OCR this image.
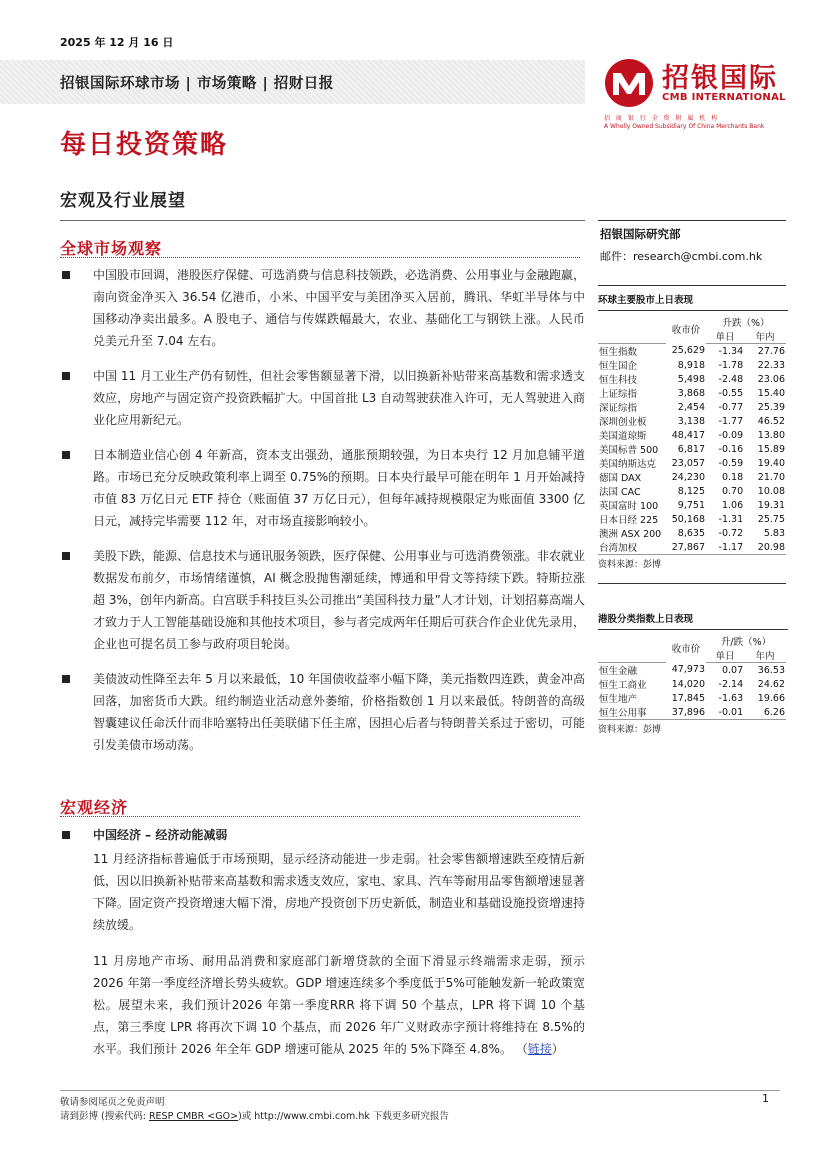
2025 年 12 月 16 日
招银国际环球市场 | 市场策略 | 招财日报	招银国际
CMB INTERNATIONAL
招 商 银 行 全 资 附 属 机 构
A Wholly Owned Subsidiary Of China Merchants Bank
每日投资策略
宏观及行业展望
全球市场观察
中国股市回调，港股医疗保健、可选消费与信息科技领跌，必选消费、公用事业与金融跑赢，南向资金净买入 36.54 亿港币，小米、中国平安与美团净买入居前，腾讯、华虹半导体与中国移动净卖出最多。A 股电子、通信与传媒跌幅最大，农业、基础化工与钢铁上涨。人民币兑美元升至 7.04 左右。
中国 11 月工业生产仍有韧性，但社会零售额显著下滑，以旧换新补贴带来高基数和需求透支效应，房地产与固定资产投资跌幅扩大。中国首批 L3 自动驾驶获准入许可，无人驾驶进入商业化应用新纪元。
日本制造业信心创 4 年新高，资本支出强劲，通胀预期较强，为日本央行 12 月加息铺平道路。市场已充分反映政策利率上调至 0.75%的预期。日本央行最早可能在明年 1 月开始减持市值 83 万亿日元 ETF 持仓（账面值 37 万亿日元），但每年减持规模限定为账面值 3300 亿日元，减持完毕需要 112 年，对市场直接影响较小。
美股下跌，能源、信息技术与通讯服务领跌，医疗保健、公用事业与可选消费领涨。非农就业数据发布前夕，市场情绪谨慎，AI 概念股抛售潮延续，博通和甲骨文等持续下跌。特斯拉涨超 3%，创年内新高。白宫联手科技巨头公司推出“美国科技力量”人才计划，计划招募高端人才致力于人工智能基础设施和其他技术项目，参与者完成两年任期后可获合作企业优先录用，企业也可提名员工参与政府项目轮岗。
美债波动性降至去年 5 月以来最低，10 年国债收益率小幅下降，美元指数四连跌，黄金冲高回落，加密货币大跌。纽约制造业活动意外萎缩，价格指数创 1 月以来最低。特朗普的高级智囊建议任命沃什而非哈塞特出任美联储下任主席，因担心后者与特朗普关系过于密切，可能引发美债市场动荡。
宏观经济
中国经济 – 经济动能减弱
11 月经济指标普遍低于市场预期，显示经济动能进一步走弱。社会零售额增速跌至疫情后新低，因以旧换新补贴带来高基数和需求透支效应，家电、家具、汽车等耐用品零售额增速显著下降。固定资产投资增速大幅下滑，房地产投资创下历史新低，制造业和基础设施投资增速持续放缓。
11 月房地产市场、耐用品消费和家庭部门新增贷款的全面下滑显示终端需求走弱，预示 2026 年第一季度经济增长势头疲软。GDP 增速连续多个季度低于5%可能触发新一轮政策宽松。展望未来，我们预计2026 年第一季度RRR 将下调 50 个基点，LPR 将下调 10 个基点，第三季度 LPR 将再次下调 10 个基点，而 2026 年广义财政赤字预计将维持在 8.5%的水平。我们预计 2026 年全年 GDP 增速可能从 2025 年的 5%下降至 4.8%。 （链接）
招银国际研究部
邮件：research@cmbi.com.hk
环球主要股市上日表现
	收市价	升跌（%）	
		单日	年内
恒生指数	25,629	-1.34	27.76
恒生国企	8,918	-1.78	22.33
恒生科技	5,498	-2.48	23.06
上证综指	3,868	-0.55	15.40
深证综指	2,454	-0.77	25.39
深圳创业板	3,138	-1.77	46.52
美国道琼斯	48,417	-0.09	13.80
美国标普 500	6,817	-0.16	15.89
美国纳斯达克	23,057	-0.59	19.40
德国 DAX	24,230	0.18	21.70
法国 CAC	8,125	0.70	10.08
英国富时 100	9,751	1.06	19.31
日本日经 225	50,168	-1.31	25.75
澳洲 ASX 200	8,635	-0.72	5.83
台湾加权	27,867	-1.17	20.98
资料来源：彭博
港股分类指数上日表现
	收市价	升/跌（%）	
		单日	年内
恒生金融	47,973	0.07	36.53
恒生工商业	14,020	-2.14	24.62
恒生地产	17,845	-1.63	19.66
恒生公用事	37,896	-0.01	6.26
资料来源：彭博
敬请参阅尾页之免责声明
请到彭博 (搜索代码: RESP CMBR <GO>)或 http://www.cmbi.com.hk 下载更多研究报告
1
